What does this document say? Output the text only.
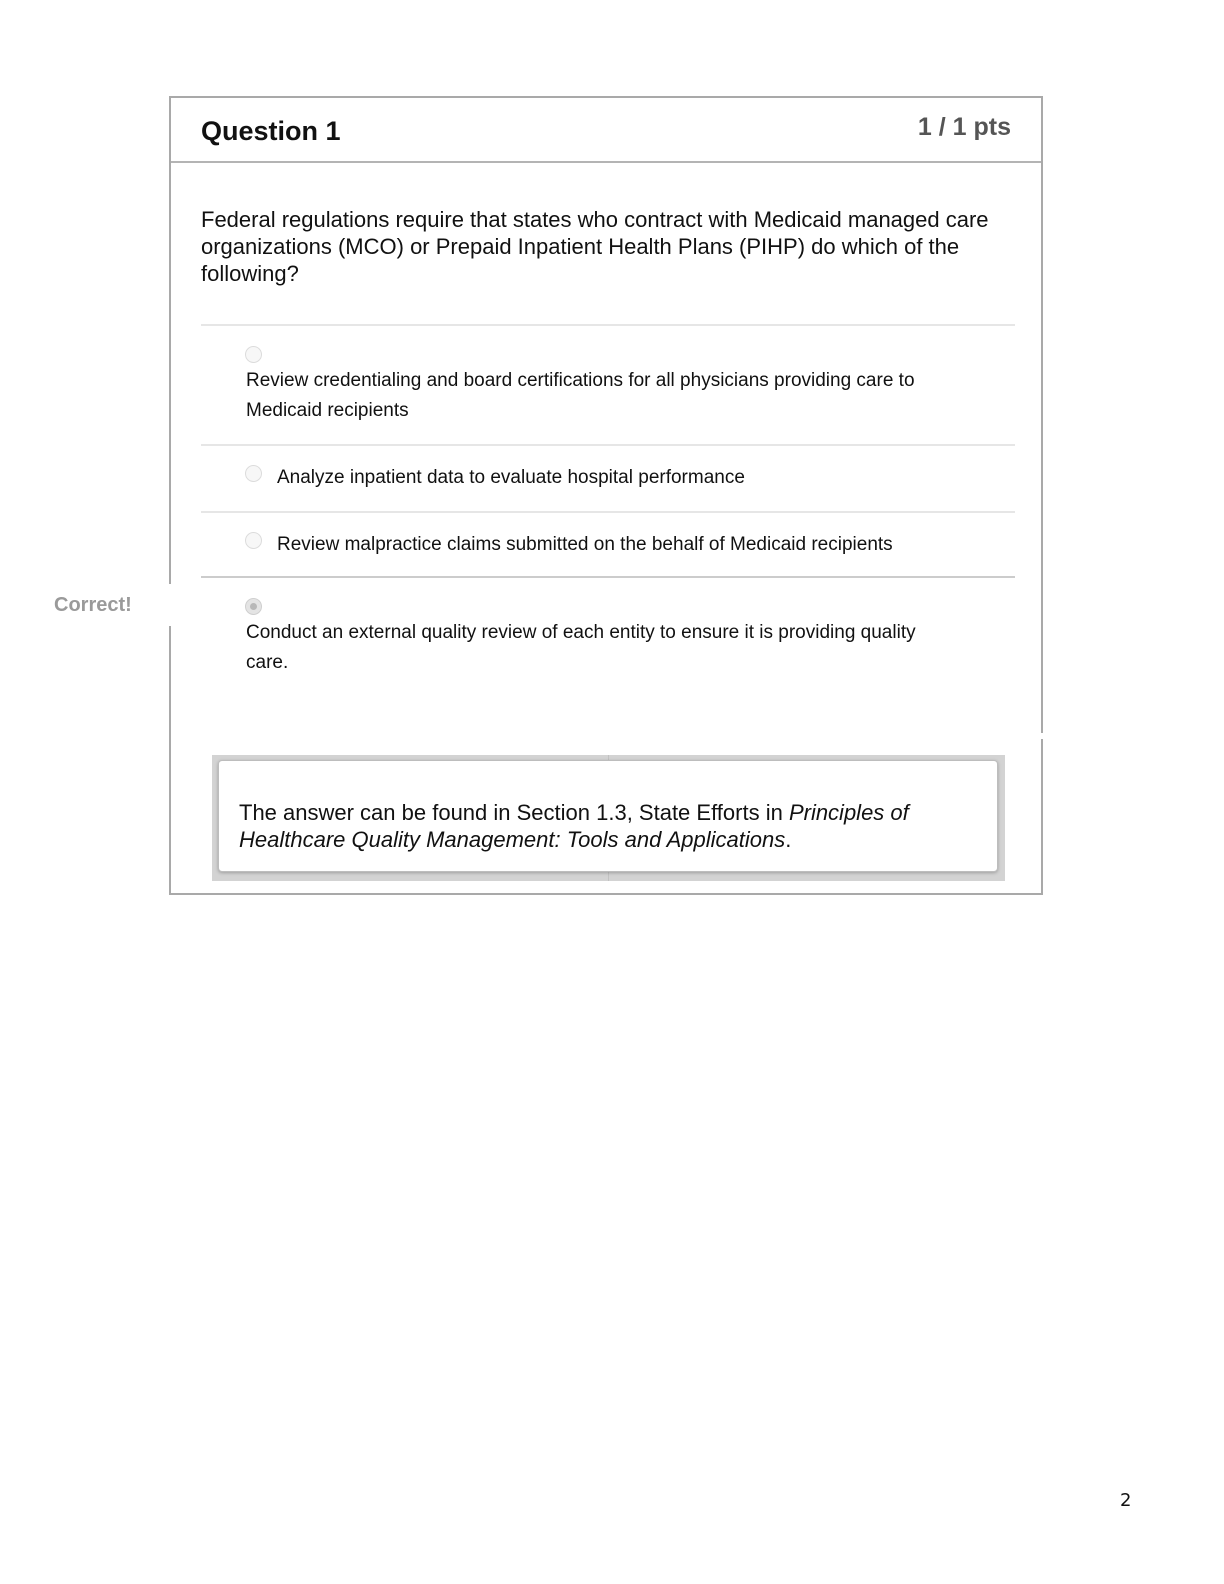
Question 1	1 / 1 pts
Federal regulations require that states who contract with Medicaid managed care organizations (MCO) or Prepaid Inpatient Health Plans (PIHP) do which of the following?
Review credentialing and board certifications for all physicians providing care to Medicaid recipients
Analyze inpatient data to evaluate hospital performance
Review malpractice claims submitted on the behalf of Medicaid recipients
Conduct an external quality review of each entity to ensure it is providing quality care.
Correct!
The answer can be found in Section 1.3, State Efforts in Principles of Healthcare Quality Management: Tools and Applications.
2
